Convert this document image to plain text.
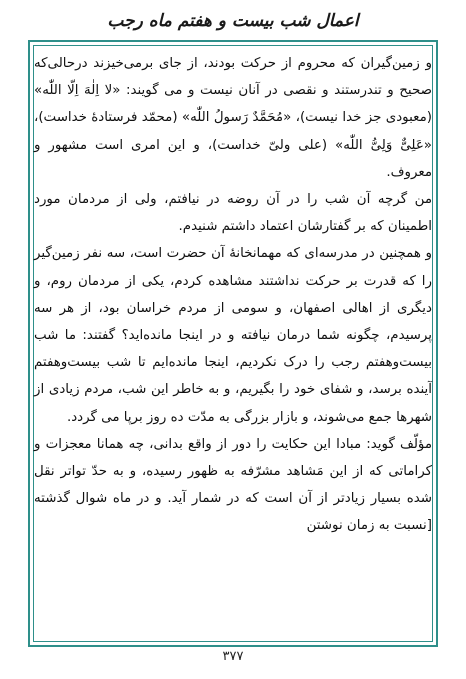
اعمال شب بیست و هفتم ماه رجب

و زمین‌گیران که محروم از حرکت بودند، از جای برمی‌خیزند درحالی‌که صحیح و تندرستند و نقصی در آنان نیست و می گویند: «لا اِلٰهَ اِلّا اللّٰه» (معبودی جز خدا نیست)، «مُحَمَّدٌ رَسولُ اللّٰه» (محمّد فرستادهٔ خداست)، «عَلِیٌّ وَلِیُّ اللّٰه» (علی ولیّ خداست)، و این امری است مشهور و معروف.

من گرچه آن شب را در آن روضه در نیافتم، ولی از مردمان مورد اطمینان که بر گفتارشان اعتماد داشتم شنیدم.

و همچنین در مدرسه‌ای که مهمانخانهٔ آن حضرت است، سه نفر زمین‌گیر را که قدرت بر حرکت نداشتند مشاهده کردم، یکی از مردمان روم، و دیگری از اهالی اصفهان، و سومی از مردم خراسان بود، از هر سه پرسیدم، چگونه شما درمان نیافته و در اینجا مانده‌اید؟ گفتند: ما شب بیست‌وهفتم رجب را درک نکردیم، اینجا مانده‌ایم تا شب بیست‌وهفتم آینده برسد، و شفای خود را بگیریم، و به خاطر این شب، مردم زیادی از شهرها جمع می‌شوند، و بازار بزرگی به مدّت ده روز برپا می گردد.

مؤلّف گوید: مبادا این حکایت را دور از واقع بدانی، چه همانا معجزات و کراماتی که از این مَشاهد مشرّفه به ظهور رسیده، و به حدّ تواتر نقل شده بسیار زیادتر از آن است که در شمار آید. و در ماه شوال گذشته [نسبت به زمان نوشتن

۳۷۷
